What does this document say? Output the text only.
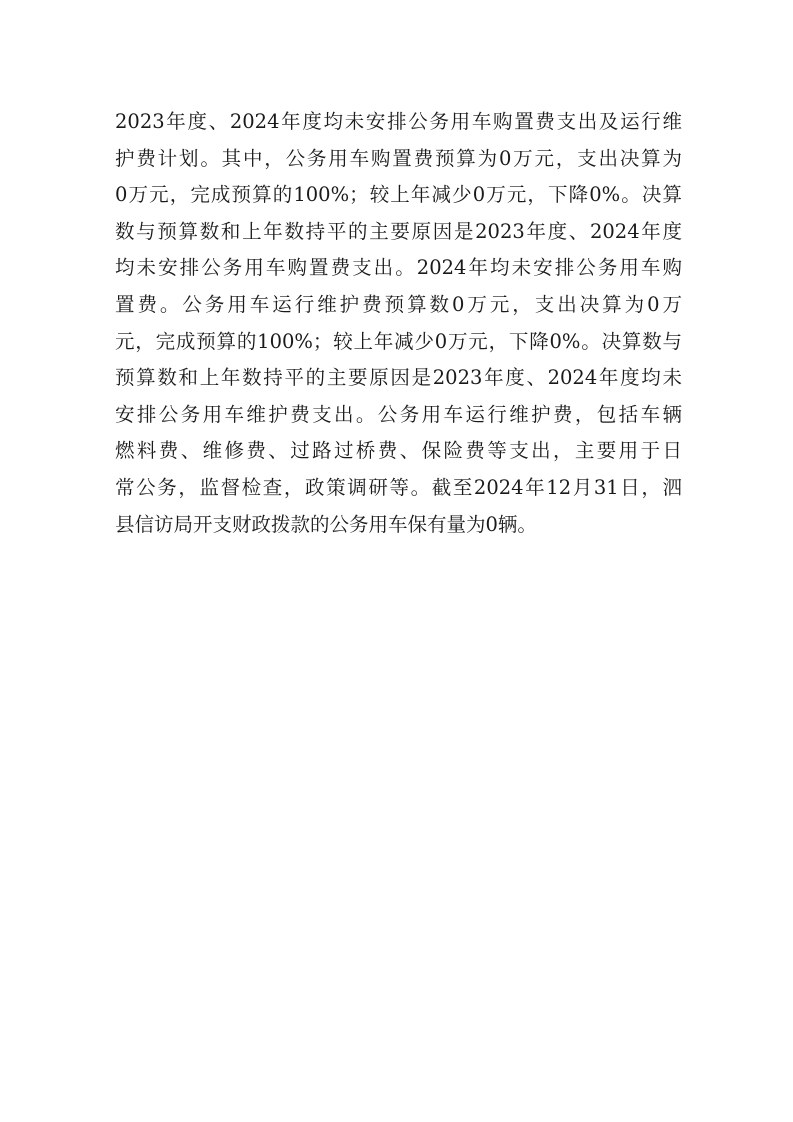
2023年度、2024年度均未安排公务用车购置费支出及运行维
护费计划。其中，公务用车购置费预算为0万元，支出决算为
0万元，完成预算的100%；较上年减少0万元，下降0%。决算
数与预算数和上年数持平的主要原因是2023年度、2024年度
均未安排公务用车购置费支出。2024年均未安排公务用车购
置费。公务用车运行维护费预算数0万元，支出决算为0万
元，完成预算的100%；较上年减少0万元，下降0%。决算数与
预算数和上年数持平的主要原因是2023年度、2024年度均未
安排公务用车维护费支出。公务用车运行维护费，包括车辆
燃料费、维修费、过路过桥费、保险费等支出，主要用于日
常公务，监督检查，政策调研等。截至2024年12月31日，泗
县信访局开支财政拨款的公务用车保有量为0辆。
